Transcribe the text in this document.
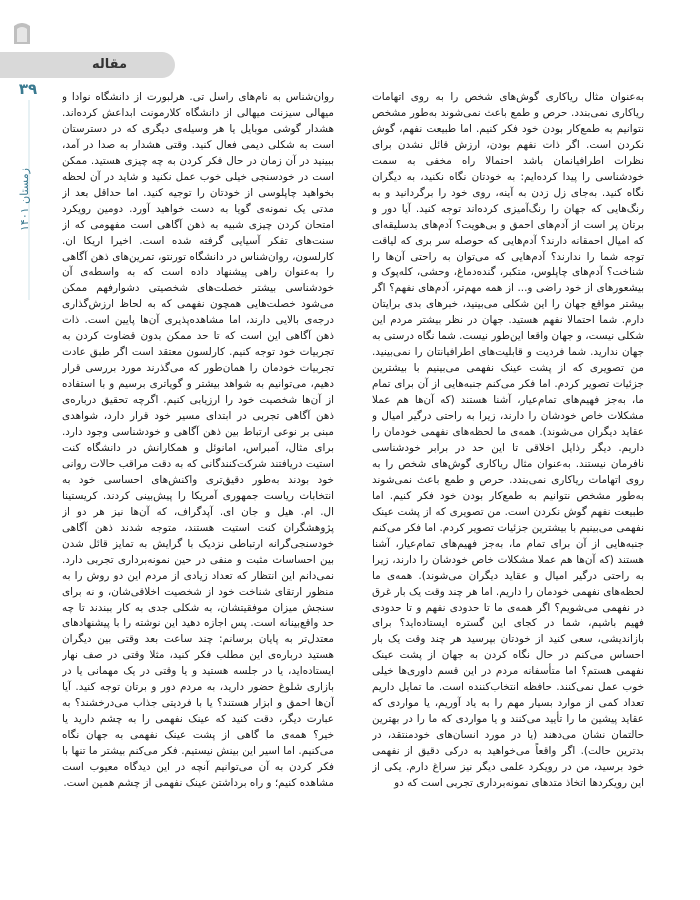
مقاله
۳۹
زمستان ۱۴۰۱

به‌عنوان مثال ریاکاری گوش‌های شخص را به روی اتهامات ریاکاری نمی‌بندد. حرص و طمع باعث نمی‌شوند به‌طور مشخص نتوانیم به طمع‌کار بودن خود فکر کنیم. اما طبیعت نفهم، گوش نکردن است. اگر ذات نفهم بودن، ارزش قائل نشدن برای نظرات اطرافیانمان باشد احتمالا راه مخفی به سمت خودشناسی را پیدا کرده‌ایم: به خودتان نگاه نکنید، به دیگران نگاه کنید. به‌جای زل زدن به آینه، روی خود را برگردانید و به رنگ‌هایی که جهان را رنگ‌آمیزی کرده‌اند توجه کنید. آیا دور و برتان پر است از آدم‌های احمق و بی‌هویت؟ آدم‌های بدسلیقه‌ای که امیال احمقانه دارند؟ آدم‌هایی که حوصله سر بری که لیاقت توجه شما را ندارند؟ آدم‌هایی که می‌توان به راحتی آن‌ها را شناخت؟ آدم‌های چاپلوس، متکبر، گنده‌دماغ، وحشی، کله‌پوک و بیشعورهای از خود راضی و... از همه مهم‌تر، آدم‌های نفهم؟ اگر بیشتر مواقع جهان را این شکلی می‌بینید، خبرهای بدی برایتان دارم. شما احتمالا نفهم هستید. جهان در نظر بیشتر مردم این شکلی نیست، و جهان واقعا این‌طور نیست. شما نگاه درستی به جهان ندارید. شما فردیت و قابلیت‌های اطرافیانتان را نمی‌بینید. من تصویری که از پشت عینک نفهمی می‌بینیم با بیشترین جزئیات تصویر کردم. اما فکر می‌کنم جنبه‌هایی از آن برای تمام ما، به‌جز فهیم‌های تمام‌عیار، آشنا هستند (که آن‌ها هم عملا مشکلات خاص خودشان را دارند، زیرا به راحتی درگیر امیال و عقاید دیگران می‌شوند). همه‌ی ما لحظه‌های نفهمی خودمان را داریم. دیگر رذایل اخلاقی تا این حد در برابر خودشناسی نافرمان نیستند. به‌عنوان مثال ریاکاری گوش‌های شخص را به روی اتهامات ریاکاری نمی‌بندد. حرص و طمع باعث نمی‌شوند به‌طور مشخص نتوانیم به طمع‌کار بودن خود فکر کنیم. اما طبیعت نفهم گوش نکردن است. من تصویری که از پشت عینک نفهمی می‌بینیم با بیشترین جزئیات تصویر کردم. اما فکر می‌کنم جنبه‌هایی از آن برای تمام ما، به‌جز فهیم‌های تمام‌عیار، آشنا هستند (که آن‌ها هم عملا مشکلات خاص خودشان را دارند، زیرا به راحتی درگیر امیال و عقاید دیگران می‌شوند). همه‌ی ما لحظه‌های نفهمی خودمان را داریم. اما هر چند وقت یک بار غرق در نفهمی می‌شویم؟ اگر همه‌ی ما تا حدودی نفهم و تا حدودی فهیم باشیم، شما در کجای این گستره ایستاده‌اید؟ برای بازاندیشی، سعی کنید از خودتان بپرسید هر چند وقت یک بار احساس می‌کنم در حال نگاه کردن به جهان از پشت عینک نفهمی هستم؟ اما متأسفانه مردم در این قسم داوری‌ها خیلی خوب عمل نمی‌کنند. حافظه انتخاب‌کننده است. ما تمایل داریم تعداد کمی از موارد بسیار مهم را به یاد آوریم، یا مواردی که عقاید پیشین ما را تأیید می‌کنند و یا مواردی که ما را در بهترین حالتمان نشان می‌دهند (یا در مورد انسان‌های خودمنتقد، در بدترین حالت). اگر واقعاً می‌خواهید به درکی دقیق از نفهمی خود برسید، من در رویکرد علمی دیگر نیز سراغ دارم. یکی از این رویکردها اتخاذ متدهای نمونه‌برداری تجربی است که دو

روان‌شناس به نام‌های راسل تی. هرلبورت از دانشگاه نوادا و میهالی سیزنت میهالی از دانشگاه کلارمونت ابداعش کرده‌اند. هشدار گوشی موبایل یا هر وسیله‌ی دیگری که در دسترستان است به شکلی دیمی فعال کنید. وقتی هشدار به صدا در آمد، ببینید در آن زمان در حال فکر کردن به چه چیزی هستید. ممکن است در خودسنجی خیلی خوب عمل نکنید و شاید در آن لحظه بخواهید چاپلوسی از خودتان را توجیه کنید. اما حداقل بعد از مدتی یک نمونه‌ی گویا به دست خواهید آورد. دومین رویکرد امتحان کردن چیزی شبیه به ذهن آگاهی است مفهومی که از سنت‌های تفکر آسیایی گرفته شده است. اخیرا اریکا ان. کارلسون، روان‌شناس در دانشگاه تورنتو، تمرین‌های ذهن آگاهی را به‌عنوان راهی پیشنهاد داده است که به واسطه‌ی آن خودشناسی بیشتر خصلت‌های شخصیتی دشوارفهم ممکن می‌شود خصلت‌هایی همچون نفهمی که به لحاظ ارزش‌گذاری درجه‌ی بالایی دارند، اما مشاهده‌پذیری آن‌ها پایین است. ذات ذهن آگاهی این است که تا حد ممکن بدون قضاوت کردن به تجربیات خود توجه کنیم. کارلسون معتقد است اگر طبق عادت تجربیات خودمان را همان‌طور که می‌گذرند مورد بررسی قرار دهیم، می‌توانیم به شواهد بیشتر و گویاتری برسیم و با استفاده از آن‌ها شخصیت خود را ارزیابی کنیم. اگرچه تحقیق درباره‌ی ذهن آگاهی تجربی در ابتدای مسیر خود قرار دارد، شواهدی مبنی بر نوعی ارتباط بین ذهن آگاهی و خودشناسی وجود دارد. برای مثال، آمبراس، امانوئل و همکارانش در دانشگاه کنت استیت دریافتند شرکت‌کنندگانی که به دقت مراقب حالات روانی خود بودند به‌طور دقیق‌تری واکنش‌های احساسی خود به انتخابات ریاست جمهوری آمریکا را پیش‌بینی کردند. کریستینا ال. ام. هیل و جان ای. آپدگراف، که آن‌ها نیز هر دو از پژوهشگران کنت استیت هستند، متوجه شدند ذهن آگاهی خودسنجی‌گرانه ارتباطی نزدیک با گرایش به تمایز قائل شدن بین احساسات مثبت و منفی در حین نمونه‌برداری تجربی دارد. نمی‌دانم این انتظار که تعداد زیادی از مردم این دو روش را به منظور ارتقای شناخت خود از شخصیت اخلاقی‌شان، و نه برای سنجش میزان موفقیتشان، به شکلی جدی به کار ببندند تا چه حد واقع‌بینانه است. پس اجازه دهید این نوشته را با پیشنهادهای معتدل‌تر به پایان برسانم: چند ساعت بعد وقتی بین دیگران هستید درباره‌ی این مطلب فکر کنید، مثلا وقتی در صف نهار ایستاده‌اید، یا در جلسه هستید و یا وقتی در یک مهمانی یا در بازاری شلوغ حضور دارید، به مردم دور و برتان توجه کنید. آیا آن‌ها احمق و ابزار هستند؟ یا با فردیتی جذاب می‌درخشند؟ به عبارت دیگر، دقت کنید که عینک نفهمی را به چشم دارید یا خیر؟ همه‌ی ما گاهی از پشت عینک نفهمی به جهان نگاه می‌کنیم. اما اسیر این بینش نیستیم. فکر می‌کنم بیشتر ما تنها با فکر کردن به آن می‌توانیم آنچه در این دیدگاه معیوب است مشاهده کنیم؛ و راه برداشتن عینک نفهمی از چشم همین است.
